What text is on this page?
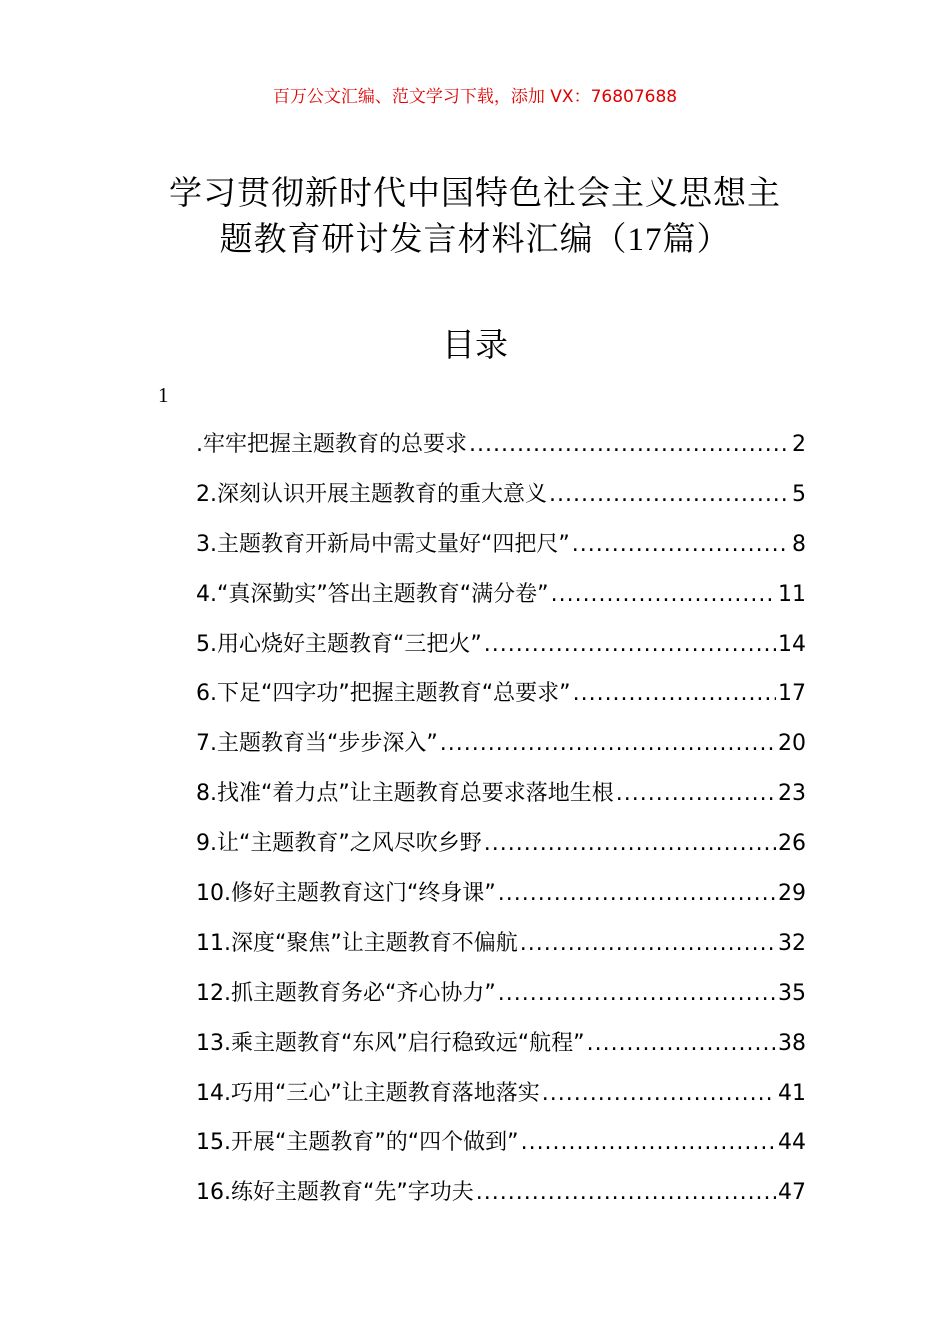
百万公文汇编、范文学习下载，添加 VX：76807688
学习贯彻新时代中国特色社会主义思想主
题教育研讨发言材料汇编（17篇）
目录
1
.牢牢把握主题教育的总要求 .....	2
2.深刻认识开展主题教育的重大意义 .....	5
3.主题教育开新局中需丈量好“四把尺” .....	8
4.“真深勤实”答出主题教育“满分卷” .....	11
5.用心烧好主题教育“三把火” .....	14
6.下足“四字功”把握主题教育“总要求” .....	17
7.主题教育当“步步深入” .....	20
8.找准“着力点”让主题教育总要求落地生根 .....	23
9.让“主题教育”之风尽吹乡野 .....	26
10.修好主题教育这门“终身课” .....	29
11.深度“聚焦”让主题教育不偏航 .....	32
12.抓主题教育务必“齐心协力” .....	35
13.乘主题教育“东风”启行稳致远“航程” .....	38
14.巧用“三心”让主题教育落地落实 .....	41
15.开展“主题教育”的“四个做到” .....	44
16.练好主题教育“先”字功夫 .....	47
